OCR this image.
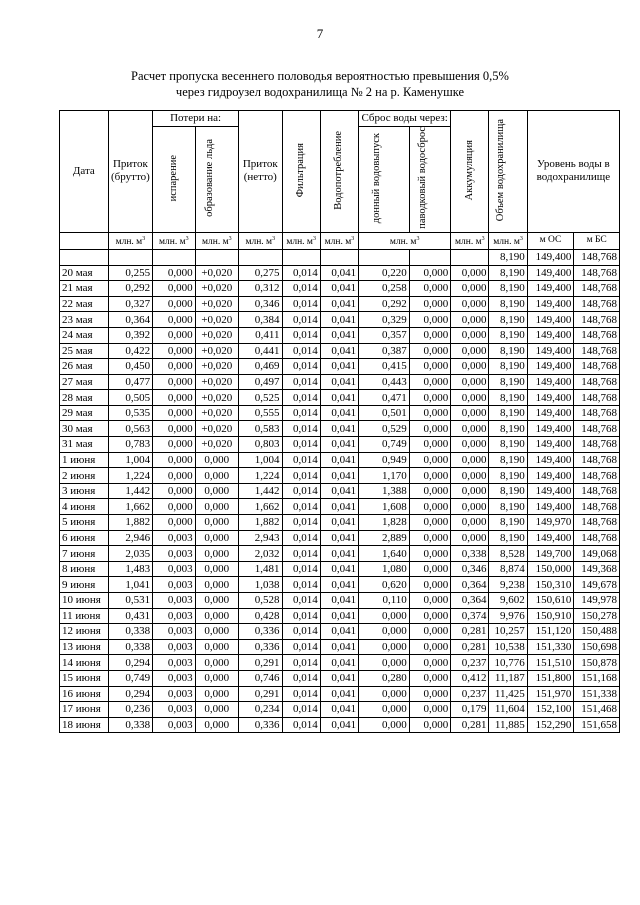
7
Расчет пропуска весеннего половодья вероятностью превышения 0,5%
через гидроузел водохранилища № 2 на р. Каменушке
Дата	Приток (брутто)	Потери на:		Приток (нетто)	Фильтрация	Водопотребление	Сброс воды через:		Аккумуляция	Объем водохранилища	Уровень воды в водохранилище	
		испарение	образование льда				донный водовыпуск	паводковый водосброс				
	млн. $м^3$	млн. $м^3$	млн. $м^3$	млн. $м^3$	млн. $м^3$	млн. $м^3$	млн. $м^3$		млн. $м^3$	млн. $м^3$	м ОС	м БС
										8,190	149,400	148,768
20 мая	0,255	0,000	+0,020	0,275	0,014	0,041	0,220	0,000	0,000	8,190	149,400	148,768
21 мая	0,292	0,000	+0,020	0,312	0,014	0,041	0,258	0,000	0,000	8,190	149,400	148,768
22 мая	0,327	0,000	+0,020	0,346	0,014	0,041	0,292	0,000	0,000	8,190	149,400	148,768
23 мая	0,364	0,000	+0,020	0,384	0,014	0,041	0,329	0,000	0,000	8,190	149,400	148,768
24 мая	0,392	0,000	+0,020	0,411	0,014	0,041	0,357	0,000	0,000	8,190	149,400	148,768
25 мая	0,422	0,000	+0,020	0,441	0,014	0,041	0,387	0,000	0,000	8,190	149,400	148,768
26 мая	0,450	0,000	+0,020	0,469	0,014	0,041	0,415	0,000	0,000	8,190	149,400	148,768
27 мая	0,477	0,000	+0,020	0,497	0,014	0,041	0,443	0,000	0,000	8,190	149,400	148,768
28 мая	0,505	0,000	+0,020	0,525	0,014	0,041	0,471	0,000	0,000	8,190	149,400	148,768
29 мая	0,535	0,000	+0,020	0,555	0,014	0,041	0,501	0,000	0,000	8,190	149,400	148,768
30 мая	0,563	0,000	+0,020	0,583	0,014	0,041	0,529	0,000	0,000	8,190	149,400	148,768
31 мая	0,783	0,000	+0,020	0,803	0,014	0,041	0,749	0,000	0,000	8,190	149,400	148,768
1 июня	1,004	0,000	0,000	1,004	0,014	0,041	0,949	0,000	0,000	8,190	149,400	148,768
2 июня	1,224	0,000	0,000	1,224	0,014	0,041	1,170	0,000	0,000	8,190	149,400	148,768
3 июня	1,442	0,000	0,000	1,442	0,014	0,041	1,388	0,000	0,000	8,190	149,400	148,768
4 июня	1,662	0,000	0,000	1,662	0,014	0,041	1,608	0,000	0,000	8,190	149,400	148,768
5 июня	1,882	0,000	0,000	1,882	0,014	0,041	1,828	0,000	0,000	8,190	149,970	148,768
6 июня	2,946	0,003	0,000	2,943	0,014	0,041	2,889	0,000	0,000	8,190	149,400	148,768
7 июня	2,035	0,003	0,000	2,032	0,014	0,041	1,640	0,000	0,338	8,528	149,700	149,068
8 июня	1,483	0,003	0,000	1,481	0,014	0,041	1,080	0,000	0,346	8,874	150,000	149,368
9 июня	1,041	0,003	0,000	1,038	0,014	0,041	0,620	0,000	0,364	9,238	150,310	149,678
10 июня	0,531	0,003	0,000	0,528	0,014	0,041	0,110	0,000	0,364	9,602	150,610	149,978
11 июня	0,431	0,003	0,000	0,428	0,014	0,041	0,000	0,000	0,374	9,976	150,910	150,278
12 июня	0,338	0,003	0,000	0,336	0,014	0,041	0,000	0,000	0,281	10,257	151,120	150,488
13 июня	0,338	0,003	0,000	0,336	0,014	0,041	0,000	0,000	0,281	10,538	151,330	150,698
14 июня	0,294	0,003	0,000	0,291	0,014	0,041	0,000	0,000	0,237	10,776	151,510	150,878
15 июня	0,749	0,003	0,000	0,746	0,014	0,041	0,280	0,000	0,412	11,187	151,800	151,168
16 июня	0,294	0,003	0,000	0,291	0,014	0,041	0,000	0,000	0,237	11,425	151,970	151,338
17 июня	0,236	0,003	0,000	0,234	0,014	0,041	0,000	0,000	0,179	11,604	152,100	151,468
18 июня	0,338	0,003	0,000	0,336	0,014	0,041	0,000	0,000	0,281	11,885	152,290	151,658
